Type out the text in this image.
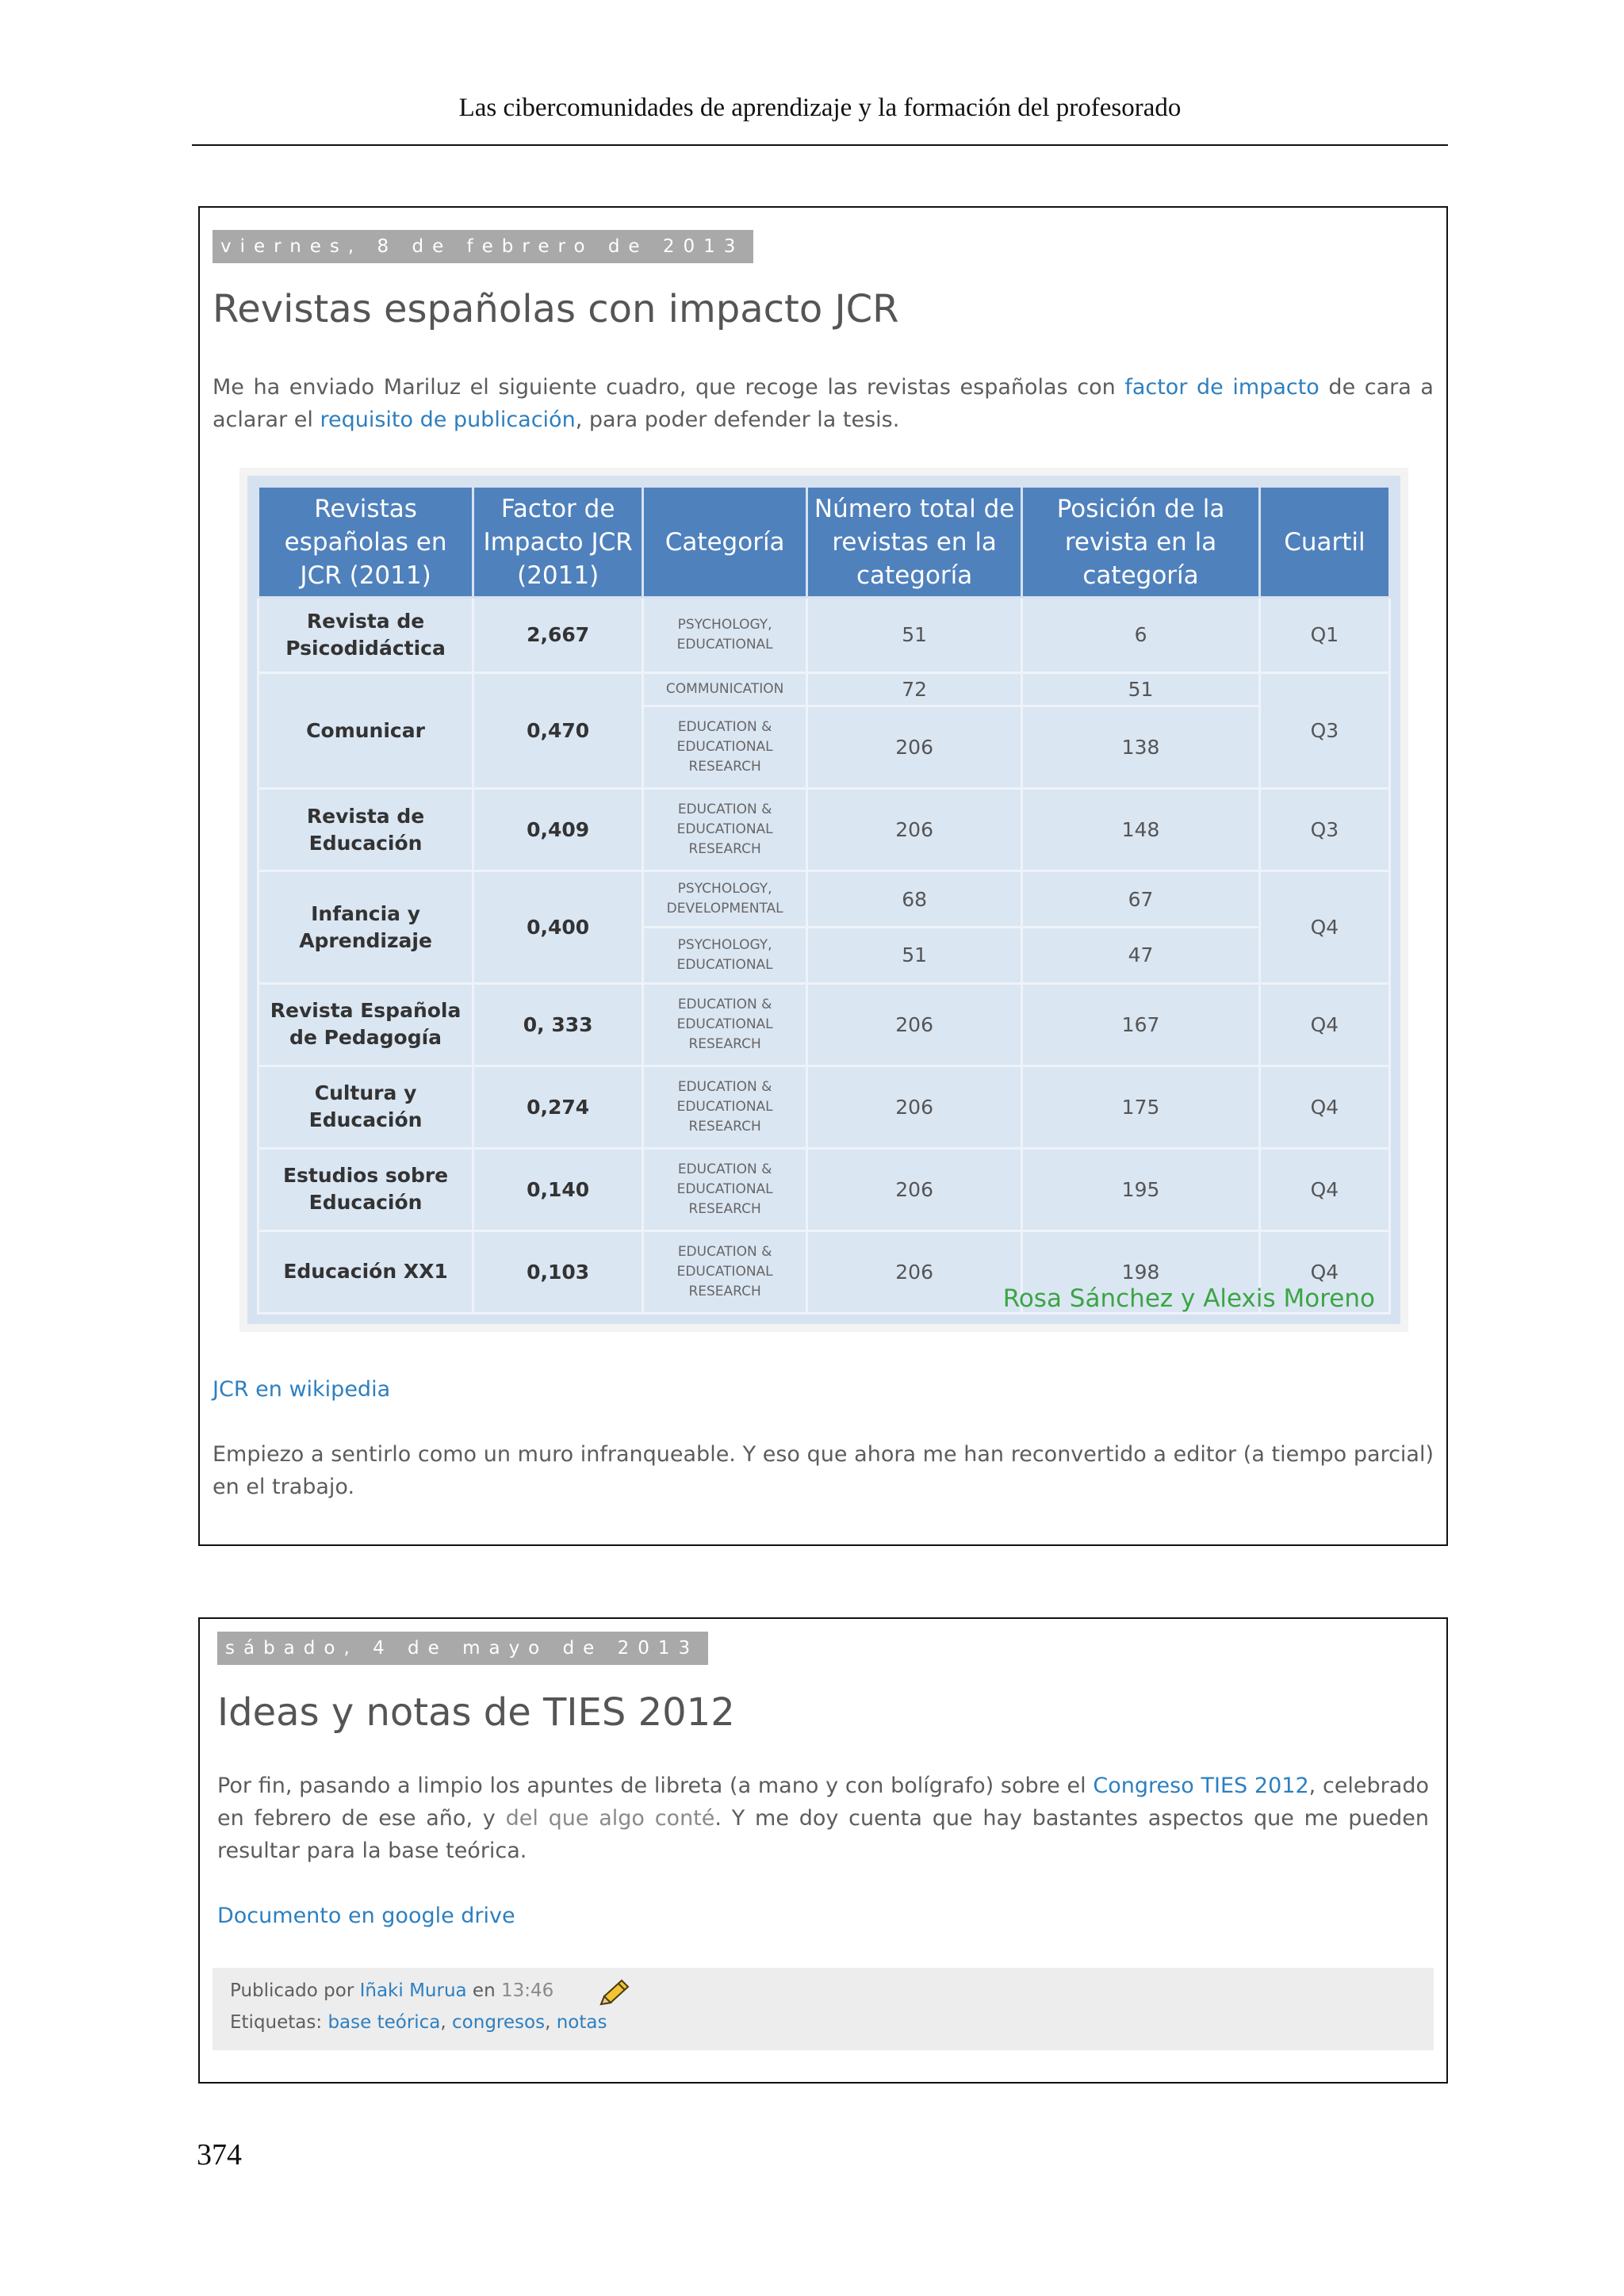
Las cibercomunidades de aprendizaje y la formación del profesorado
viernes, 8 de febrero de 2013
Revistas españolas con impacto JCR

Me ha enviado Mariluz el siguiente cuadro, que recoge las revistas españolas con factor de impacto de cara a aclarar el requisito de publicación, para poder defender la tesis.

Revistas españolas en JCR (2011)	Factor de Impacto JCR (2011)	Categoría	Número total de revistas en la categoría	Posición de la revista en la categoría	Cuartil
Revista de Psicodidáctica	2,667	PSYCHOLOGY, EDUCATIONAL	51	6	Q1
Comunicar	0,470	COMMUNICATION	72	51	Q3
		EDUCATION & EDUCATIONAL RESEARCH	206	138	
Revista de Educación	0,409	EDUCATION & EDUCATIONAL RESEARCH	206	148	Q3
Infancia y Aprendizaje	0,400	PSYCHOLOGY, DEVELOPMENTAL	68	67	Q4
		PSYCHOLOGY, EDUCATIONAL	51	47	
Revista Española de Pedagogía	0, 333	EDUCATION & EDUCATIONAL RESEARCH	206	167	Q4
Cultura y Educación	0,274	EDUCATION & EDUCATIONAL RESEARCH	206	175	Q4
Estudios sobre Educación	0,140	EDUCATION & EDUCATIONAL RESEARCH	206	195	Q4
Educación XX1	0,103	EDUCATION & EDUCATIONAL RESEARCH	206	198	Q4
Rosa Sánchez y Alexis Moreno
JCR en wikipedia

Empiezo a sentirlo como un muro infranqueable. Y eso que ahora me han reconvertido a editor (a tiempo parcial) en el trabajo.

sábado, 4 de mayo de 2013
Ideas y notas de TIES 2012

Por fin, pasando a limpio los apuntes de libreta (a mano y con bolígrafo) sobre el Congreso TIES 2012, celebrado en febrero de ese año, y del que algo conté. Y me doy cuenta que hay bastantes aspectos que me pueden resultar para la base teórica.

Documento en google drive
Publicado por Iñaki Murua en 13:46
Etiquetas: base teórica, congresos, notas
374
